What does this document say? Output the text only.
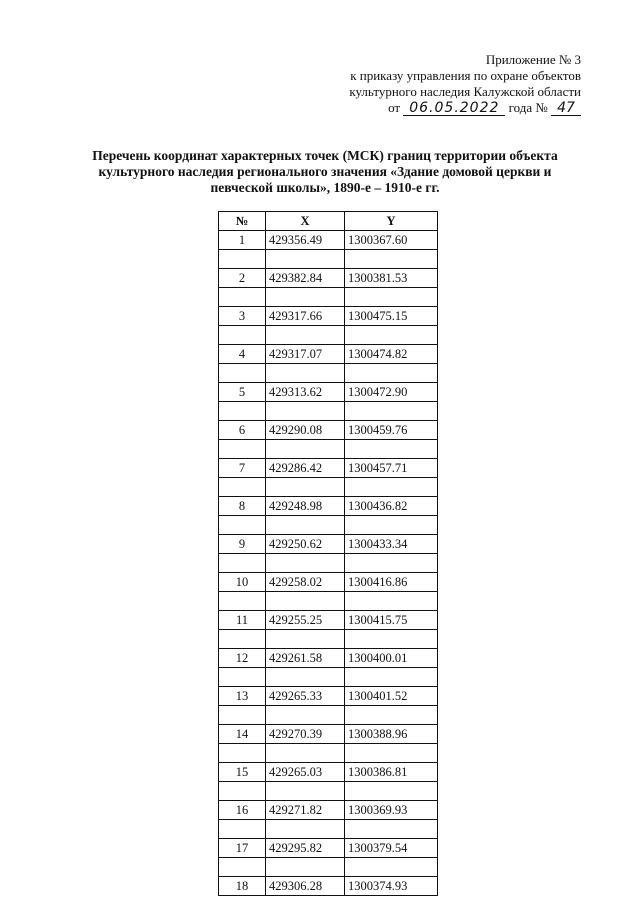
Приложение № 3
к приказу управления по охране объектов
культурного наследия Калужской области
от 06.05.2022 года № 47
Перечень координат характерных точек (МСК) границ территории объекта культурного наследия регионального значения «Здание домовой церкви и певческой школы», 1890-е – 1910-е гг.
№	X	Y
1	429356.49	1300367.60

2	429382.84	1300381.53

3	429317.66	1300475.15

4	429317.07	1300474.82

5	429313.62	1300472.90

6	429290.08	1300459.76

7	429286.42	1300457.71

8	429248.98	1300436.82

9	429250.62	1300433.34

10	429258.02	1300416.86

11	429255.25	1300415.75

12	429261.58	1300400.01

13	429265.33	1300401.52

14	429270.39	1300388.96

15	429265.03	1300386.81

16	429271.82	1300369.93

17	429295.82	1300379.54

18	429306.28	1300374.93
